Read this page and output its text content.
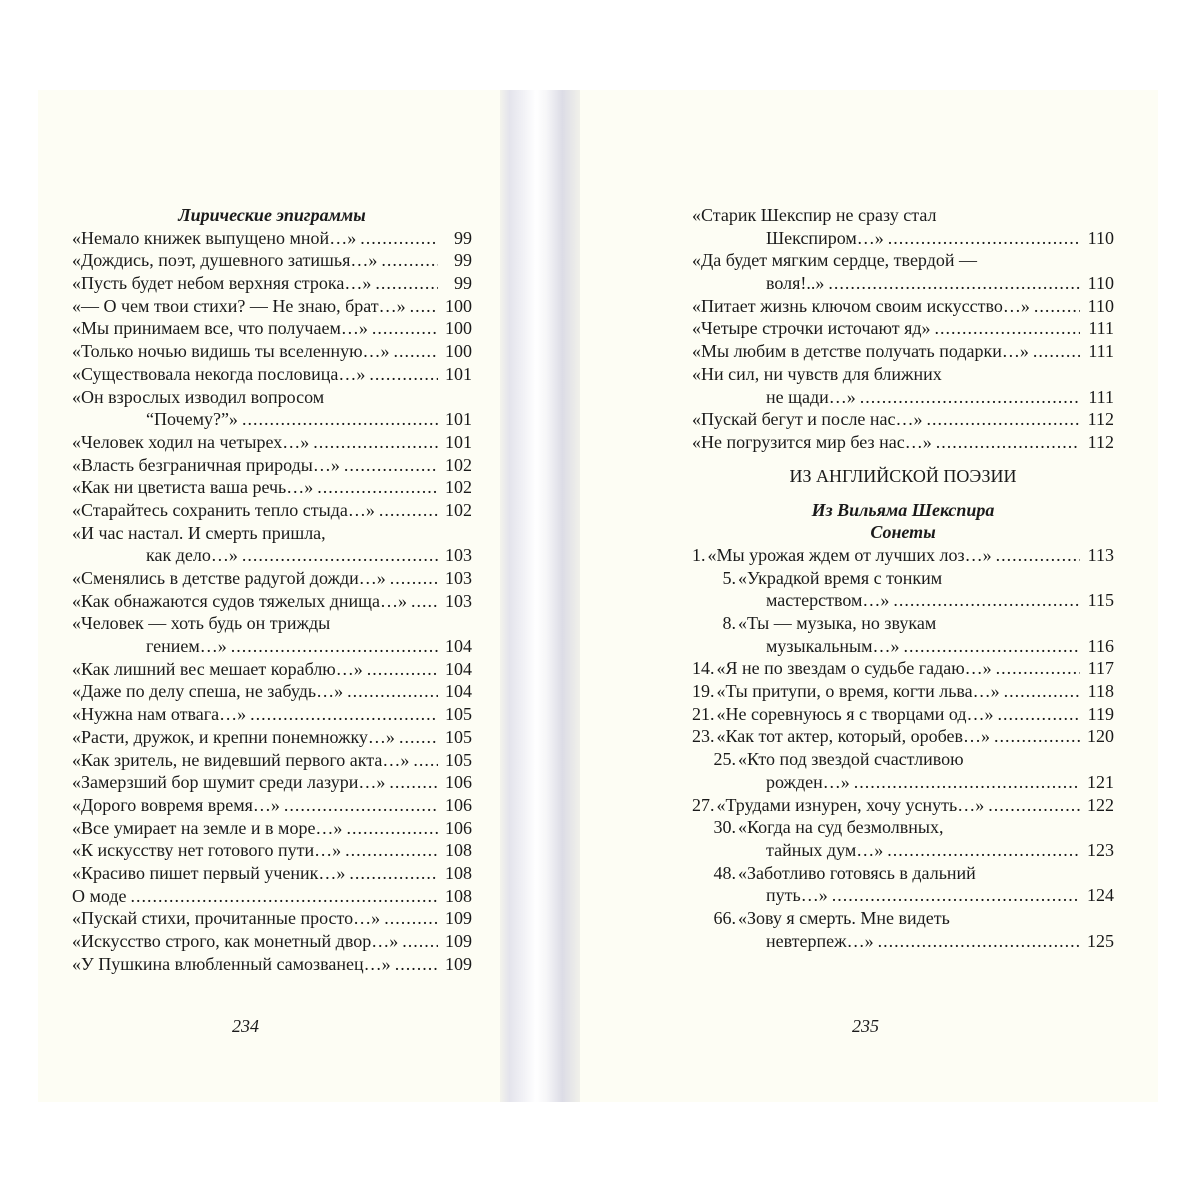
Лирические эпиграммы
«Немало книжек выпущено мной…» .....	99
«Дождись, поэт, душевного затишья…» .....	99
«Пусть будет небом верхняя строка…» .....	99
«— О чем твои стихи? — Не знаю, брат…» .....	100
«Мы принимаем все, что получаем…» .....	100
«Только ночью видишь ты вселенную…» .....	100
«Существовала некогда пословица…» .....	101
«Он взрослых изводил вопросом
“Почему?”» .....	101
«Человек ходил на четырех…» .....	101
«Власть безграничная природы…» .....	102
«Как ни цветиста ваша речь…» .....	102
«Старайтесь сохранить тепло стыда…» .....	102
«И час настал. И смерть пришла,
как дело…» .....	103
«Сменялись в детстве радугой дожди…» .....	103
«Как обнажаются судов тяжелых днища…» .....	103
«Человек — хоть будь он трижды
гением…» .....	104
«Как лишний вес мешает кораблю…» .....	104
«Даже по делу спеша, не забудь…» .....	104
«Нужна нам отвага…» .....	105
«Расти, дружок, и крепни понемножку…» .....	105
«Как зритель, не видевший первого акта…» .....	105
«Замерзший бор шумит среди лазури…» .....	106
«Дорого вовремя время…» .....	106
«Все умирает на земле и в море…» .....	106
«К искусству нет готового пути…» .....	108
«Красиво пишет первый ученик…» .....	108
О моде .....	108
«Пускай стихи, прочитанные просто…» .....	109
«Искусство строго, как монетный двор…» .....	109
«У Пушкина влюбленный самозванец…» .....	109
«Старик Шекспир не сразу стал
Шекспиром…» .....	110
«Да будет мягким сердце, твердой —
воля!..» .....	110
«Питает жизнь ключом своим искусство…» .....	110
«Четыре строчки источают яд» .....	111
«Мы любим в детстве получать подарки…» .....	111
«Ни сил, ни чувств для ближних
не щади…» .....	111
«Пускай бегут и после нас…» .....	112
«Не погрузится мир без нас…» .....	112
ИЗ АНГЛИЙСКОЙ ПОЭЗИИ
Из Вильяма Шекспира
Сонеты
1. «Мы урожая ждем от лучших лоз…» .....	113
5. «Украдкой время с тонким
мастерством…» .....	115
8. «Ты — музыка, но звукам
музыкальным…» .....	116
14. «Я не по звездам о судьбе гадаю…» .....	117
19. «Ты притупи, о время, когти льва…» .....	118
21. «Не соревнуюсь я с творцами од…» .....	119
23. «Как тот актер, который, оробев…» .....	120
25. «Кто под звездой счастливою
рожден…» .....	121
27. «Трудами изнурен, хочу уснуть…» .....	122
30. «Когда на суд безмолвных,
тайных дум…» .....	123
48. «Заботливо готовясь в дальний
путь…» .....	124
66. «Зову я смерть. Мне видеть
невтерпеж…» .....	125
234	235
